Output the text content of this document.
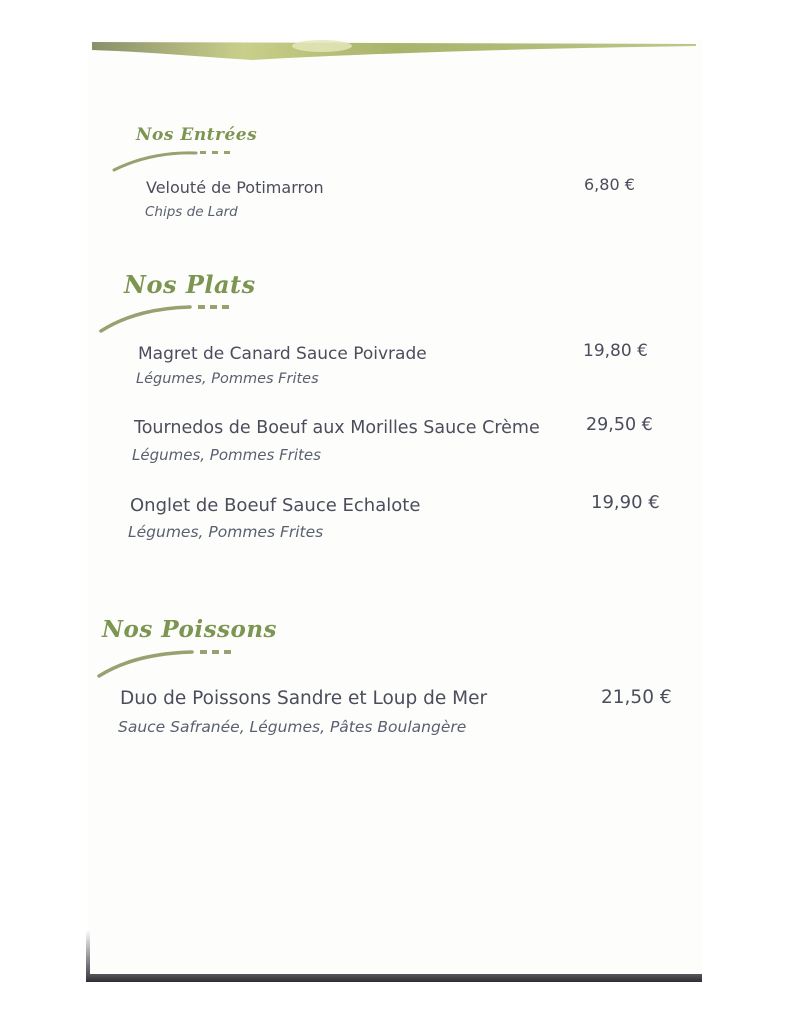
Nos Entrées
Velouté de Potimarron
Chips de Lard
6,80 €
Nos Plats
Magret de Canard Sauce Poivrade
Légumes, Pommes Frites
19,80 €
Tournedos de Boeuf aux Morilles Sauce Crème
Légumes, Pommes Frites
29,50 €
Onglet de Boeuf Sauce Echalote
Légumes, Pommes Frites
19,90 €
Nos Poissons
Duo de Poissons Sandre et Loup de Mer
Sauce Safranée, Légumes, Pâtes Boulangère
21,50 €
